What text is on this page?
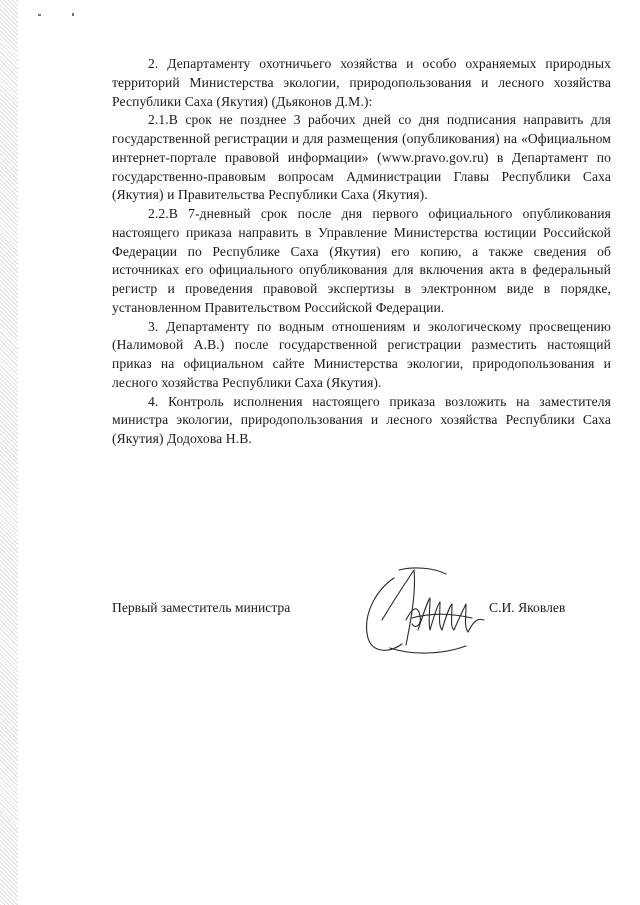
2. Департаменту охотничьего хозяйства и особо охраняемых природных территорий Министерства экологии, природопользования и лесного хозяйства Республики Саха (Якутия) (Дьяконов Д.М.):

2.1.В срок не позднее 3 рабочих дней со дня подписания направить для государственной регистрации и для размещения (опубликования) на «Официальном интернет-портале правовой информации» (www.pravo.gov.ru) в Департамент по государственно-правовым вопросам Администрации Главы Республики Саха (Якутия) и Правительства Республики Саха (Якутия).

2.2.В 7-дневный срок после дня первого официального опубликования настоящего приказа направить в Управление Министерства юстиции Российской Федерации по Республике Саха (Якутия) его копию, а также сведения об источниках его официального опубликования для включения акта в федеральный регистр и проведения правовой экспертизы в электронном виде в порядке, установленном Правительством Российской Федерации.

3. Департаменту по водным отношениям и экологическому просвещению (Налимовой А.В.) после государственной регистрации разместить настоящий приказ на официальном сайте Министерства экологии, природопользования и лесного хозяйства Республики Саха (Якутия).

4. Контроль исполнения настоящего приказа возложить на заместителя министра экологии, природопользования и лесного хозяйства Республики Саха (Якутия) Додохова Н.В.

Первый заместитель министра	С.И. Яковлев
